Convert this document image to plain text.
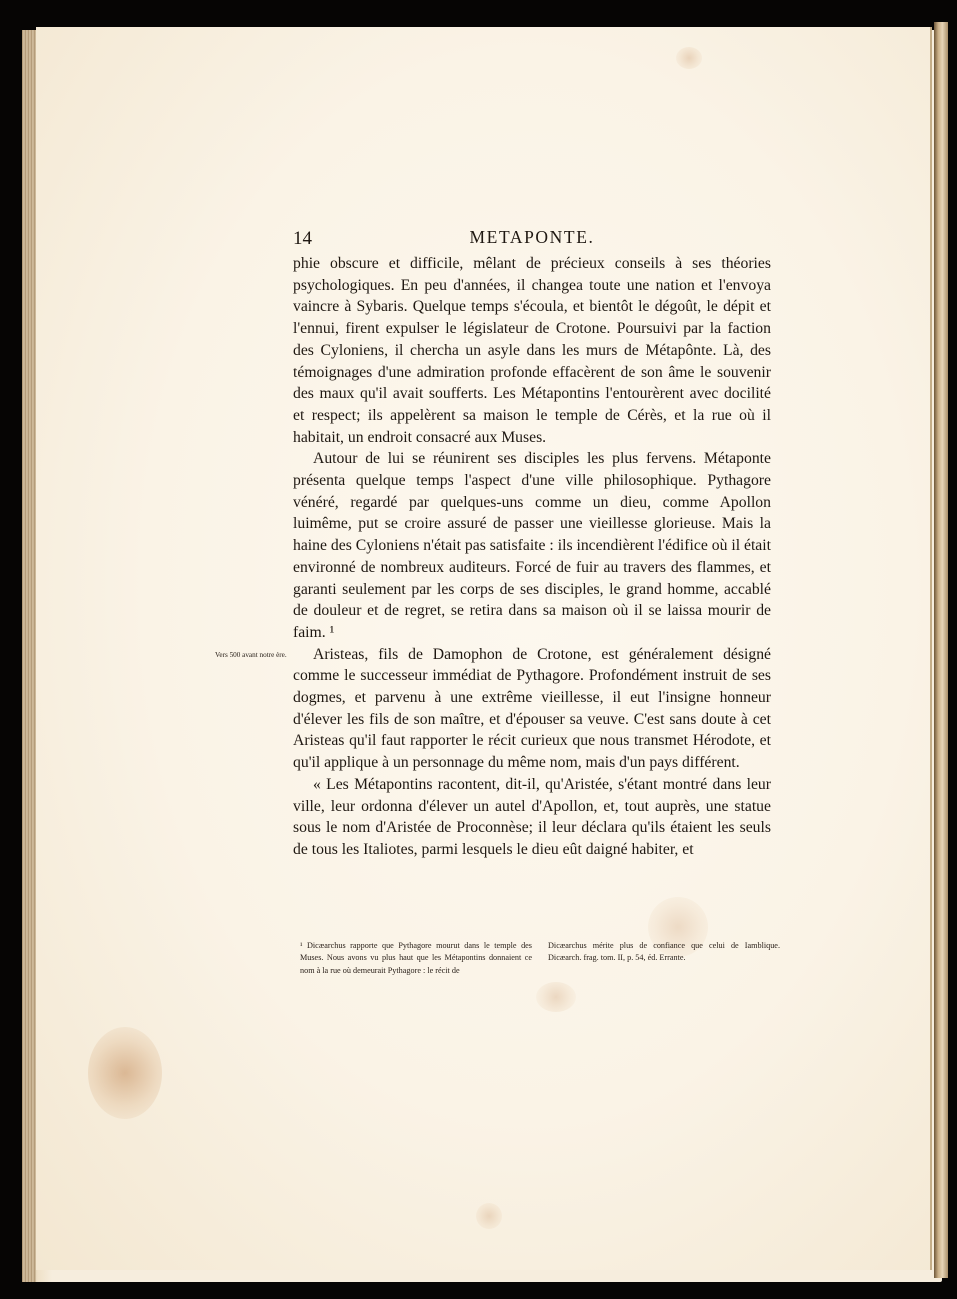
14	METAPONTE.

phie obscure et difficile, mêlant de précieux conseils à ses théories psychologiques. En peu d'années, il changea toute une nation et l'envoya vaincre à Sybaris. Quelque temps s'écoula, et bientôt le dégoût, le dépit et l'ennui, firent expulser le législateur de Crotone. Poursuivi par la faction des Cyloniens, il chercha un asyle dans les murs de Métapônte. Là, des témoignages d'une admiration profonde effacèrent de son âme le souvenir des maux qu'il avait soufferts. Les Métapontins l'entourèrent avec docilité et respect; ils appelèrent sa maison le temple de Cérès, et la rue où il habitait, un endroit consacré aux Muses.

Autour de lui se réunirent ses disciples les plus fervens. Métaponte présenta quelque temps l'aspect d'une ville philosophique. Pythagore vénéré, regardé par quelques-uns comme un dieu, comme Apollon luimême, put se croire assuré de passer une vieillesse glorieuse. Mais la haine des Cyloniens n'était pas satisfaite : ils incendièrent l'édifice où il était environné de nombreux auditeurs. Forcé de fuir au travers des flammes, et garanti seulement par les corps de ses disciples, le grand homme, accablé de douleur et de regret, se retira dans sa maison où il se laissa mourir de faim. ¹

Aristeas, fils de Damophon de Crotone, est généralement désigné comme le successeur immédiat de Pythagore. Profondément instruit de ses dogmes, et parvenu à une extrême vieillesse, il eut l'insigne honneur d'élever les fils de son maître, et d'épouser sa veuve. C'est sans doute à cet Aristeas qu'il faut rapporter le récit curieux que nous transmet Hérodote, et qu'il applique à un personnage du même nom, mais d'un pays différent.

« Les Métapontins racontent, dit-il, qu'Aristée, s'étant montré dans leur ville, leur ordonna d'élever un autel d'Apollon, et, tout auprès, une statue sous le nom d'Aristée de Proconnèse; il leur déclara qu'ils étaient les seuls de tous les Italiotes, parmi lesquels le dieu eût daigné habiter, et

Vers 500 avant notre ère.
¹ Dicæarchus rapporte que Pythagore mourut dans le temple des Muses. Nous avons vu plus haut que les Métapontins donnaient ce nom à la rue où demeurait Pythagore : le récit de
Dicæarchus mérite plus de confiance que celui de Iamblique. Dicæarch. frag. tom. II, p. 54, éd. Errante.
